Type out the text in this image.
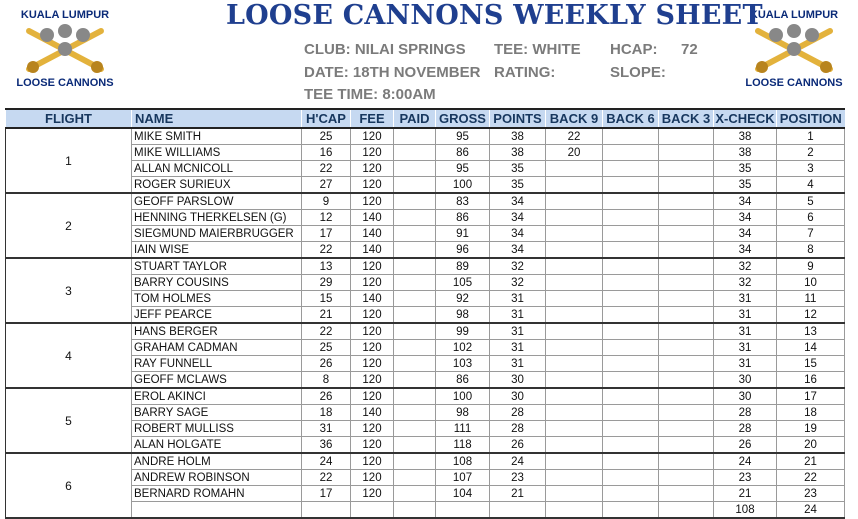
KUALA LUMPUR
LOOSE CANNONS
KUALA LUMPUR
LOOSE CANNONS
LOOSE CANNONS WEEKLY SHEET
CLUB: NILAI SPRINGS
DATE: 18TH NOVEMBER
TEE TIME: 8:00AM
TEE: WHITE
RATING:
HCAP: 72
SLOPE:
FLIGHT	NAME	H'CAP	FEE	PAID	GROSS	POINTS	BACK 9	BACK 6	BACK 3	X-CHECK	POSITION
1	MIKE SMITH	25	120		95	38	22			38	1
	MIKE WILLIAMS	16	120		86	38	20			38	2
	ALLAN MCNICOLL	22	120		95	35				35	3
	ROGER SURIEUX	27	120		100	35				35	4
2	GEOFF PARSLOW	9	120		83	34				34	5
	HENNING THERKELSEN (G)	12	140		86	34				34	6
	SIEGMUND MAIERBRUGGER	17	140		91	34				34	7
	IAIN WISE	22	140		96	34				34	8
3	STUART TAYLOR	13	120		89	32				32	9
	BARRY COUSINS	29	120		105	32				32	10
	TOM HOLMES	15	140		92	31				31	11
	JEFF PEARCE	21	120		98	31				31	12
4	HANS BERGER	22	120		99	31				31	13
	GRAHAM CADMAN	25	120		102	31				31	14
	RAY FUNNELL	26	120		103	31				31	15
	GEOFF MCLAWS	8	120		86	30				30	16
5	EROL AKINCI	26	120		100	30				30	17
	BARRY SAGE	18	140		98	28				28	18
	ROBERT MULLISS	31	120		111	28				28	19
	ALAN HOLGATE	36	120		118	26				26	20
6	ANDRE HOLM	24	120		108	24				24	21
	ANDREW ROBINSON	22	120		107	23				23	22
	BERNARD ROMAHN	17	120		104	21				21	23
										108	24
